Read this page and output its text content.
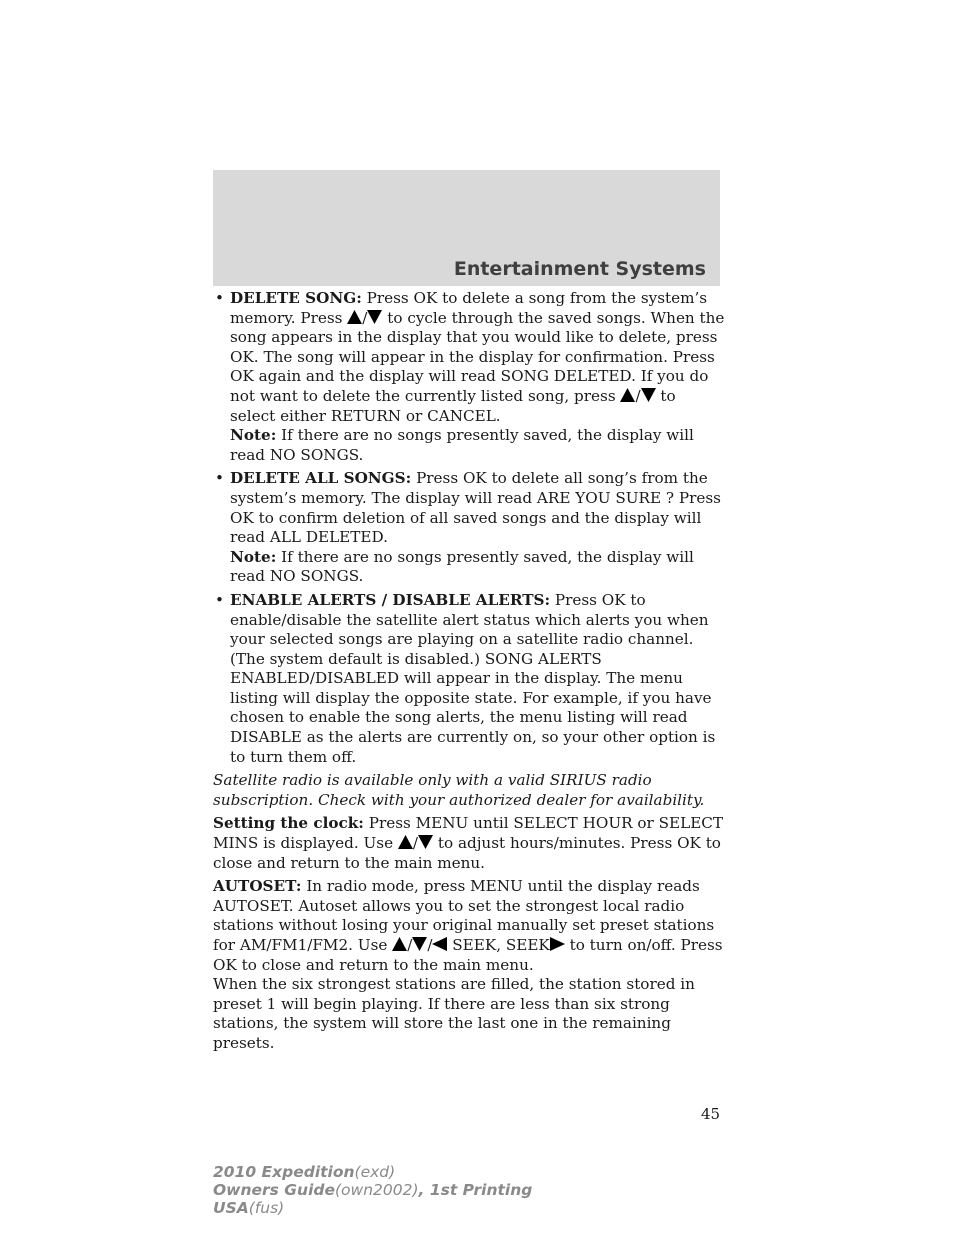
Entertainment Systems
• DELETE SONG: Press OK to delete a song from the system’s memory. Press / to cycle through the saved songs. When the song appears in the display that you would like to delete, press OK. The song will appear in the display for confirmation. Press OK again and the display will read SONG DELETED. If you do not want to delete the currently listed song, press / to select either RETURN or CANCEL.
Note: If there are no songs presently saved, the display will read NO SONGS.
• DELETE ALL SONGS: Press OK to delete all song’s from the system’s memory. The display will read ARE YOU SURE ? Press OK to confirm deletion of all saved songs and the display will read ALL DELETED.
Note: If there are no songs presently saved, the display will read NO SONGS.
• ENABLE ALERTS / DISABLE ALERTS: Press OK to enable/disable the satellite alert status which alerts you when your selected songs are playing on a satellite radio channel. (The system default is disabled.) SONG ALERTS ENABLED/DISABLED will appear in the display. The menu listing will display the opposite state. For example, if you have chosen to enable the song alerts, the menu listing will read DISABLE as the alerts are currently on, so your other option is to turn them off.

Satellite radio is available only with a valid SIRIUS radio subscription. Check with your authorized dealer for availability.

Setting the clock: Press MENU until SELECT HOUR or SELECT MINS is displayed. Use / to adjust hours/minutes. Press OK to close and return to the main menu.

AUTOSET: In radio mode, press MENU until the display reads AUTOSET. Autoset allows you to set the strongest local radio stations without losing your original manually set preset stations for AM/FM1/FM2. Use / / SEEK, SEEK to turn on/off. Press OK to close and return to the main menu.
When the six strongest stations are filled, the station stored in preset 1 will begin playing. If there are less than six strong stations, the system will store the last one in the remaining presets.

45
2010 Expedition(exd)
Owners Guide(own2002), 1st Printing
USA(fus)
